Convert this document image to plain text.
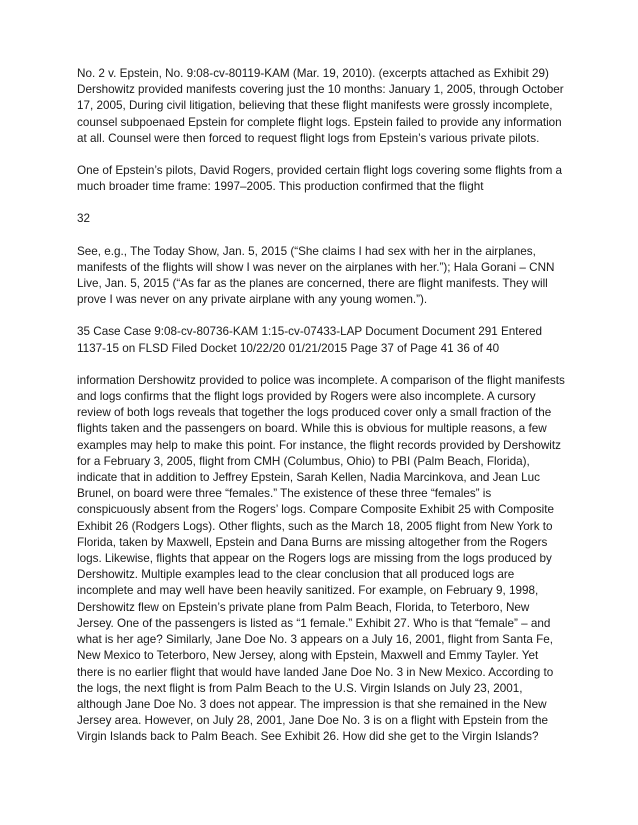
No. 2 v. Epstein, No. 9:08-cv-80119-KAM (Mar. 19, 2010). (excerpts attached as Exhibit 29) Dershowitz provided manifests covering just the 10 months: January 1, 2005, through October 17, 2005, During civil litigation, believing that these flight manifests were grossly incomplete, counsel subpoenaed Epstein for complete flight logs. Epstein failed to provide any information at all. Counsel were then forced to request flight logs from Epstein’s various private pilots.

One of Epstein’s pilots, David Rogers, provided certain flight logs covering some flights from a much broader time frame: 1997–2005. This production confirmed that the flight

32

See, e.g., The Today Show, Jan. 5, 2015 (“She claims I had sex with her in the airplanes, manifests of the flights will show I was never on the airplanes with her.”); Hala Gorani – CNN Live, Jan. 5, 2015 (“As far as the planes are concerned, there are flight manifests. They will prove I was never on any private airplane with any young women.”).

35 Case Case 9:08-cv-80736-KAM 1:15-cv-07433-LAP Document Document 291 Entered 1137-15 on FLSD Filed Docket 10/22/20 01/21/2015 Page 37 of Page 41 36 of 40

information Dershowitz provided to police was incomplete. A comparison of the flight manifests and logs confirms that the flight logs provided by Rogers were also incomplete. A cursory review of both logs reveals that together the logs produced cover only a small fraction of the flights taken and the passengers on board. While this is obvious for multiple reasons, a few examples may help to make this point. For instance, the flight records provided by Dershowitz for a February 3, 2005, flight from CMH (Columbus, Ohio) to PBI (Palm Beach, Florida), indicate that in addition to Jeffrey Epstein, Sarah Kellen, Nadia Marcinkova, and Jean Luc Brunel, on board were three “females.” The existence of these three “females” is conspicuously absent from the Rogers’ logs. Compare Composite Exhibit 25 with Composite Exhibit 26 (Rodgers Logs). Other flights, such as the March 18, 2005 flight from New York to Florida, taken by Maxwell, Epstein and Dana Burns are missing altogether from the Rogers logs. Likewise, flights that appear on the Rogers logs are missing from the logs produced by Dershowitz. Multiple examples lead to the clear conclusion that all produced logs are incomplete and may well have been heavily sanitized. For example, on February 9, 1998, Dershowitz flew on Epstein’s private plane from Palm Beach, Florida, to Teterboro, New Jersey. One of the passengers is listed as “1 female.” Exhibit 27. Who is that “female” – and what is her age? Similarly, Jane Doe No. 3 appears on a July 16, 2001, flight from Santa Fe, New Mexico to Teterboro, New Jersey, along with Epstein, Maxwell and Emmy Tayler. Yet there is no earlier flight that would have landed Jane Doe No. 3 in New Mexico. According to the logs, the next flight is from Palm Beach to the U.S. Virgin Islands on July 23, 2001, although Jane Doe No. 3 does not appear. The impression is that she remained in the New Jersey area. However, on July 28, 2001, Jane Doe No. 3 is on a flight with Epstein from the Virgin Islands back to Palm Beach. See Exhibit 26. How did she get to the Virgin Islands?
